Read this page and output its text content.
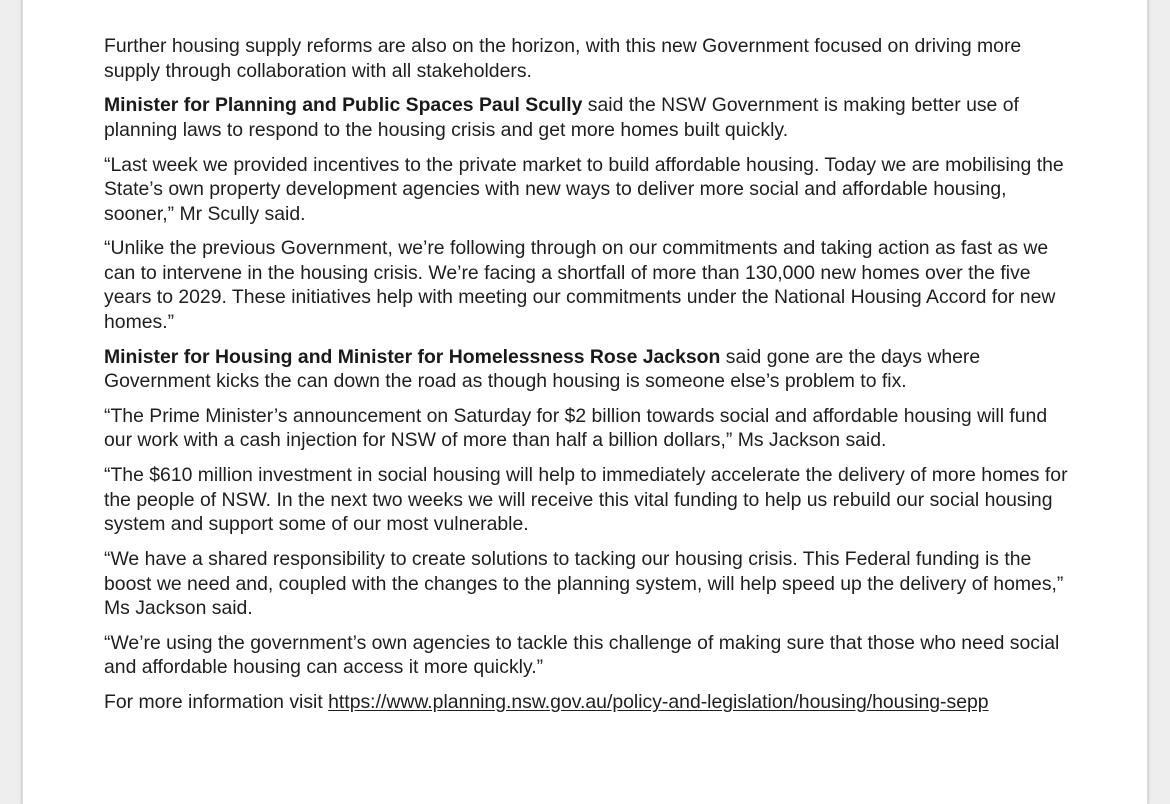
Further housing supply reforms are also on the horizon, with this new Government focused on driving more supply through collaboration with all stakeholders.

Minister for Planning and Public Spaces Paul Scully said the NSW Government is making better use of planning laws to respond to the housing crisis and get more homes built quickly.

“Last week we provided incentives to the private market to build affordable housing. Today we are mobilising the State’s own property development agencies with new ways to deliver more social and affordable housing, sooner,” Mr Scully said.

“Unlike the previous Government, we’re following through on our commitments and taking action as fast as we can to intervene in the housing crisis. We’re facing a shortfall of more than 130,000 new homes over the five years to 2029. These initiatives help with meeting our commitments under the National Housing Accord for new homes.”

Minister for Housing and Minister for Homelessness Rose Jackson said gone are the days where Government kicks the can down the road as though housing is someone else’s problem to fix.

“The Prime Minister’s announcement on Saturday for $2 billion towards social and affordable housing will fund our work with a cash injection for NSW of more than half a billion dollars,” Ms Jackson said.

“The $610 million investment in social housing will help to immediately accelerate the delivery of more homes for the people of NSW. In the next two weeks we will receive this vital funding to help us rebuild our social housing system and support some of our most vulnerable.

“We have a shared responsibility to create solutions to tacking our housing crisis. This Federal funding is the boost we need and, coupled with the changes to the planning system, will help speed up the delivery of homes,” Ms Jackson said.

“We’re using the government’s own agencies to tackle this challenge of making sure that those who need social and affordable housing can access it more quickly.”

For more information visit https://www.planning.nsw.gov.au/policy-and-legislation/housing/housing-sepp
